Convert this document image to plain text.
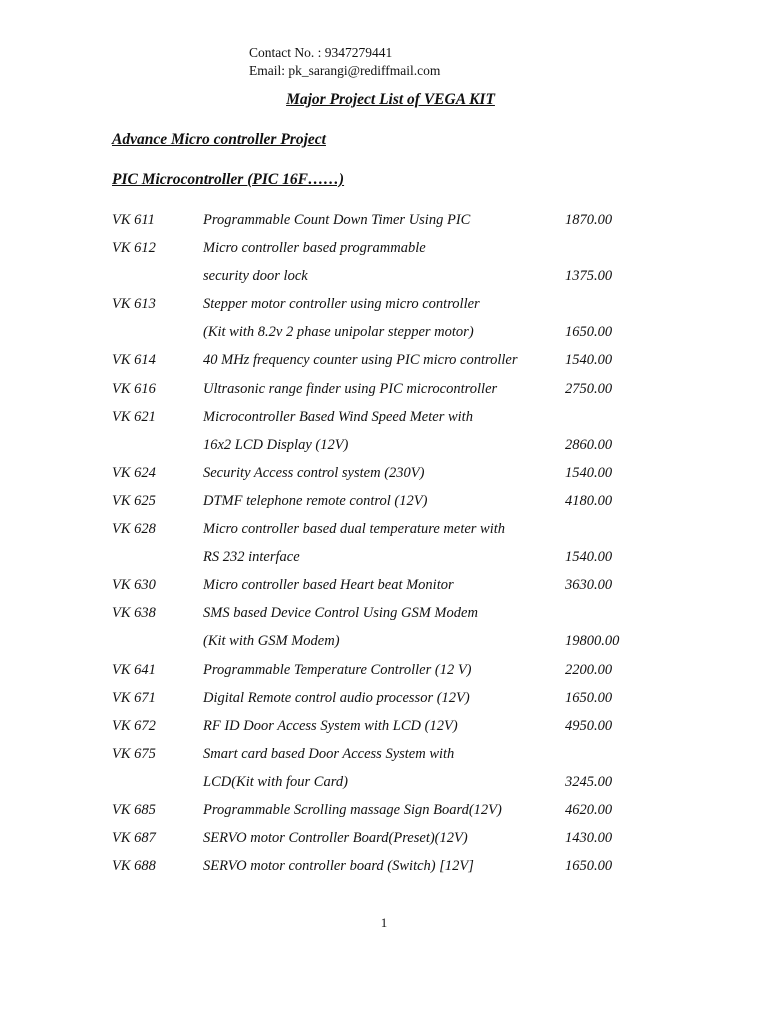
Contact No. : 9347279441
Email: pk_sarangi@rediffmail.com
Major Project List of VEGA KIT
Advance Micro controller Project
PIC Microcontroller (PIC 16F……)
VK 611	Programmable Count Down Timer Using PIC	1870.00
VK 612	Micro controller based programmable
security door lock	1375.00
VK 613	Stepper motor controller using micro controller
(Kit with 8.2v 2 phase unipolar stepper motor)	1650.00
VK 614	40 MHz frequency counter using PIC micro controller	1540.00
VK 616	Ultrasonic range finder using PIC microcontroller	2750.00
VK 621	Microcontroller Based Wind Speed Meter with
16x2 LCD Display (12V)	2860.00
VK 624	Security Access control system (230V)	1540.00
VK 625	DTMF telephone remote control (12V)	4180.00
VK 628	Micro controller based dual temperature meter with
RS 232 interface	1540.00
VK 630	Micro controller based Heart beat Monitor	3630.00
VK 638	SMS based Device Control Using GSM Modem
(Kit with GSM Modem)	19800.00
VK 641	Programmable Temperature Controller (12 V)	2200.00
VK 671	Digital Remote control audio processor (12V)	1650.00
VK 672	RF ID Door Access System with LCD (12V)	4950.00
VK 675	Smart card based Door Access System with
LCD(Kit with four Card)	3245.00
VK 685	Programmable Scrolling massage Sign Board(12V)	4620.00
VK 687	SERVO motor Controller Board(Preset)(12V)	1430.00
VK 688	SERVO motor controller board (Switch) [12V]	1650.00
1
